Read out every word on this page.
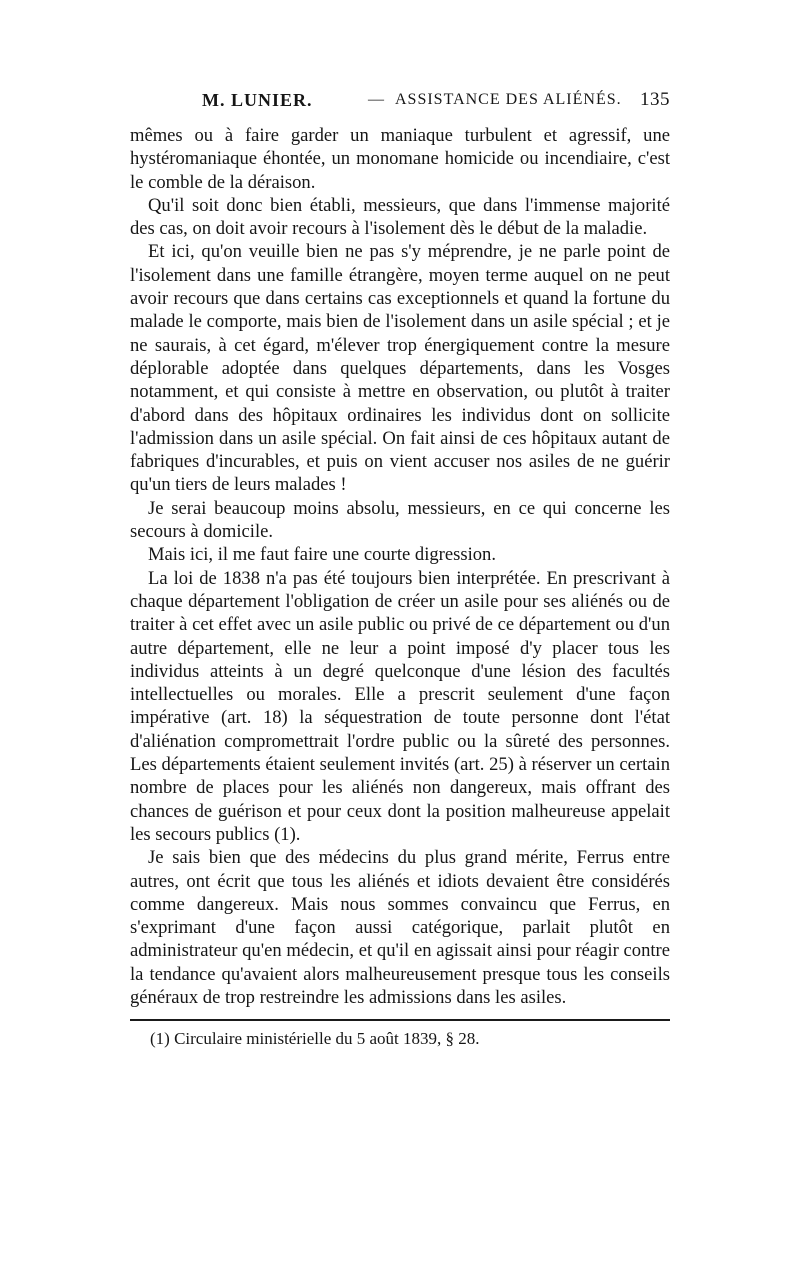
M. LUNIER.	— ASSISTANCE DES ALIÉNÉS. 135

mêmes ou à faire garder un maniaque turbulent et agressif, une hystéromaniaque éhontée, un monomane homicide ou incendiaire, c'est le comble de la déraison.

Qu'il soit donc bien établi, messieurs, que dans l'immense majorité des cas, on doit avoir recours à l'isolement dès le début de la maladie.

Et ici, qu'on veuille bien ne pas s'y méprendre, je ne parle point de l'isolement dans une famille étrangère, moyen terme auquel on ne peut avoir recours que dans certains cas exceptionnels et quand la fortune du malade le comporte, mais bien de l'isolement dans un asile spécial ; et je ne saurais, à cet égard, m'élever trop énergiquement contre la mesure déplorable adoptée dans quelques départements, dans les Vosges notamment, et qui consiste à mettre en observation, ou plutôt à traiter d'abord dans des hôpitaux ordinaires les individus dont on sollicite l'admission dans un asile spécial. On fait ainsi de ces hôpitaux autant de fabriques d'incurables, et puis on vient accuser nos asiles de ne guérir qu'un tiers de leurs malades !

Je serai beaucoup moins absolu, messieurs, en ce qui concerne les secours à domicile.

Mais ici, il me faut faire une courte digression.

La loi de 1838 n'a pas été toujours bien interprétée. En prescrivant à chaque département l'obligation de créer un asile pour ses aliénés ou de traiter à cet effet avec un asile public ou privé de ce département ou d'un autre département, elle ne leur a point imposé d'y placer tous les individus atteints à un degré quelconque d'une lésion des facultés intellectuelles ou morales. Elle a prescrit seulement d'une façon impérative (art. 18) la séquestration de toute personne dont l'état d'aliénation compromettrait l'ordre public ou la sûreté des personnes. Les départements étaient seulement invités (art. 25) à réserver un certain nombre de places pour les aliénés non dangereux, mais offrant des chances de guérison et pour ceux dont la position malheureuse appelait les secours publics (1).

Je sais bien que des médecins du plus grand mérite, Ferrus entre autres, ont écrit que tous les aliénés et idiots devaient être considérés comme dangereux. Mais nous sommes convaincu que Ferrus, en s'exprimant d'une façon aussi catégorique, parlait plutôt en administrateur qu'en médecin, et qu'il en agissait ainsi pour réagir contre la tendance qu'avaient alors malheureusement presque tous les conseils généraux de trop restreindre les admissions dans les asiles.

(1) Circulaire ministérielle du 5 août 1839, § 28.
